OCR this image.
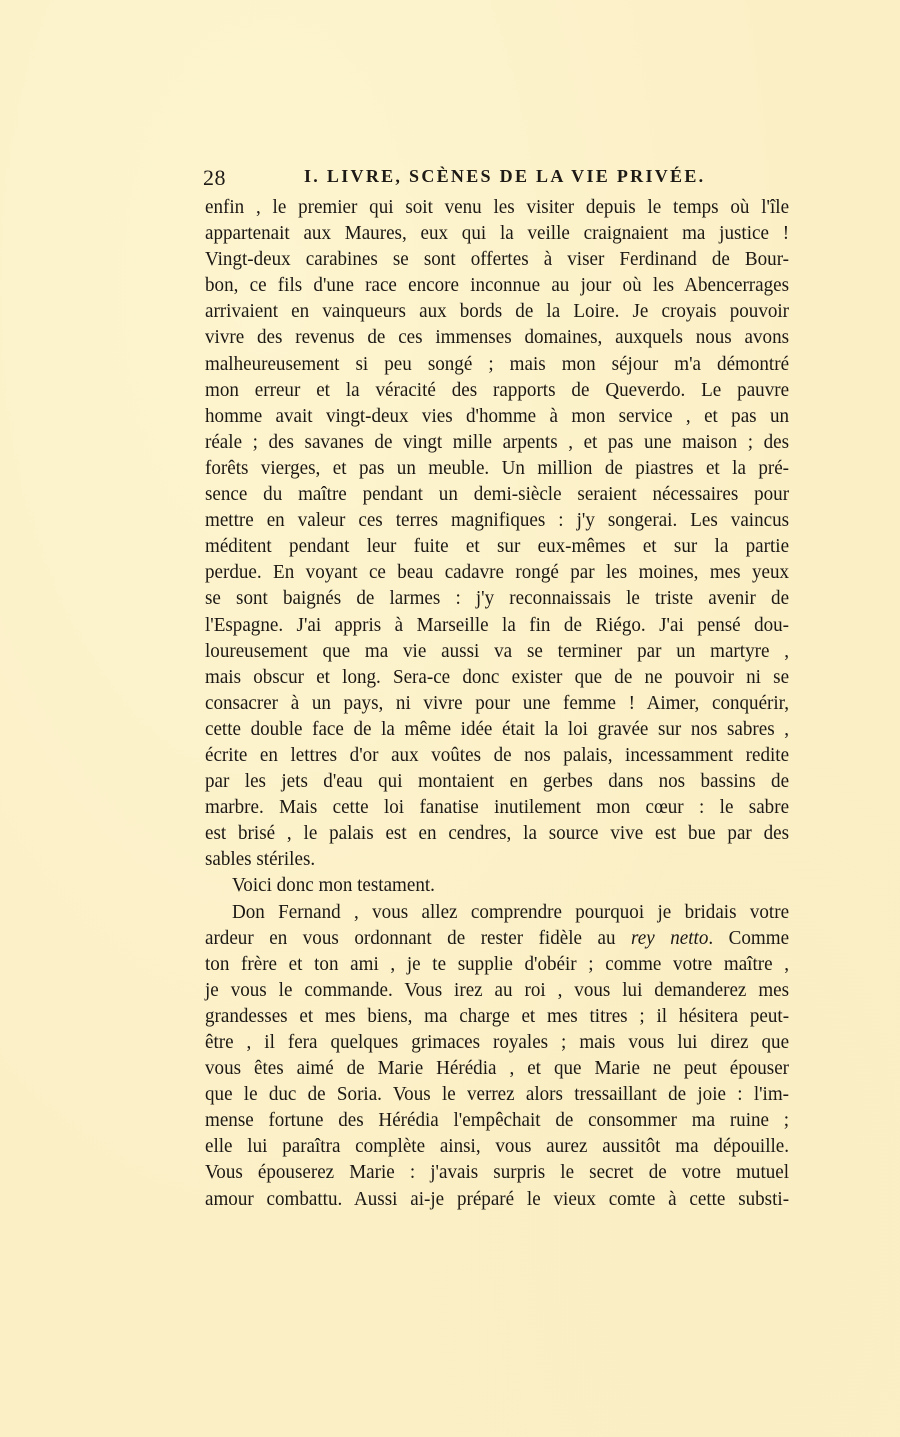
28	I. LIVRE, SCÈNES DE LA VIE PRIVÉE.
enfin , le premier qui soit venu les visiter depuis le temps où l'île
appartenait aux Maures, eux qui la veille craignaient ma justice !
Vingt-deux carabines se sont offertes à viser Ferdinand de Bour-
bon, ce fils d'une race encore inconnue au jour où les Abencerrages
arrivaient en vainqueurs aux bords de la Loire. Je croyais pouvoir
vivre des revenus de ces immenses domaines, auxquels nous avons
malheureusement si peu songé ; mais mon séjour m'a démontré
mon erreur et la véracité des rapports de Queverdo. Le pauvre
homme avait vingt-deux vies d'homme à mon service , et pas un
réale ; des savanes de vingt mille arpents , et pas une maison ; des
forêts vierges, et pas un meuble. Un million de piastres et la pré-
sence du maître pendant un demi-siècle seraient nécessaires pour
mettre en valeur ces terres magnifiques : j'y songerai. Les vaincus
méditent pendant leur fuite et sur eux-mêmes et sur la partie
perdue. En voyant ce beau cadavre rongé par les moines, mes yeux
se sont baignés de larmes : j'y reconnaissais le triste avenir de
l'Espagne. J'ai appris à Marseille la fin de Riégo. J'ai pensé dou-
loureusement que ma vie aussi va se terminer par un martyre ,
mais obscur et long. Sera-ce donc exister que de ne pouvoir ni se
consacrer à un pays, ni vivre pour une femme ! Aimer, conquérir,
cette double face de la même idée était la loi gravée sur nos sabres ,
écrite en lettres d'or aux voûtes de nos palais, incessamment redite
par les jets d'eau qui montaient en gerbes dans nos bassins de
marbre. Mais cette loi fanatise inutilement mon cœur : le sabre
est brisé , le palais est en cendres, la source vive est bue par des
sables stériles.
Voici donc mon testament.
Don Fernand , vous allez comprendre pourquoi je bridais votre
ardeur en vous ordonnant de rester fidèle au rey netto. Comme
ton frère et ton ami , je te supplie d'obéir ; comme votre maître ,
je vous le commande. Vous irez au roi , vous lui demanderez mes
grandesses et mes biens, ma charge et mes titres ; il hésitera peut-
être , il fera quelques grimaces royales ; mais vous lui direz que
vous êtes aimé de Marie Hérédia , et que Marie ne peut épouser
que le duc de Soria. Vous le verrez alors tressaillant de joie : l'im-
mense fortune des Hérédia l'empêchait de consommer ma ruine ;
elle lui paraîtra complète ainsi, vous aurez aussitôt ma dépouille.
Vous épouserez Marie : j'avais surpris le secret de votre mutuel
amour combattu. Aussi ai-je préparé le vieux comte à cette substi-
